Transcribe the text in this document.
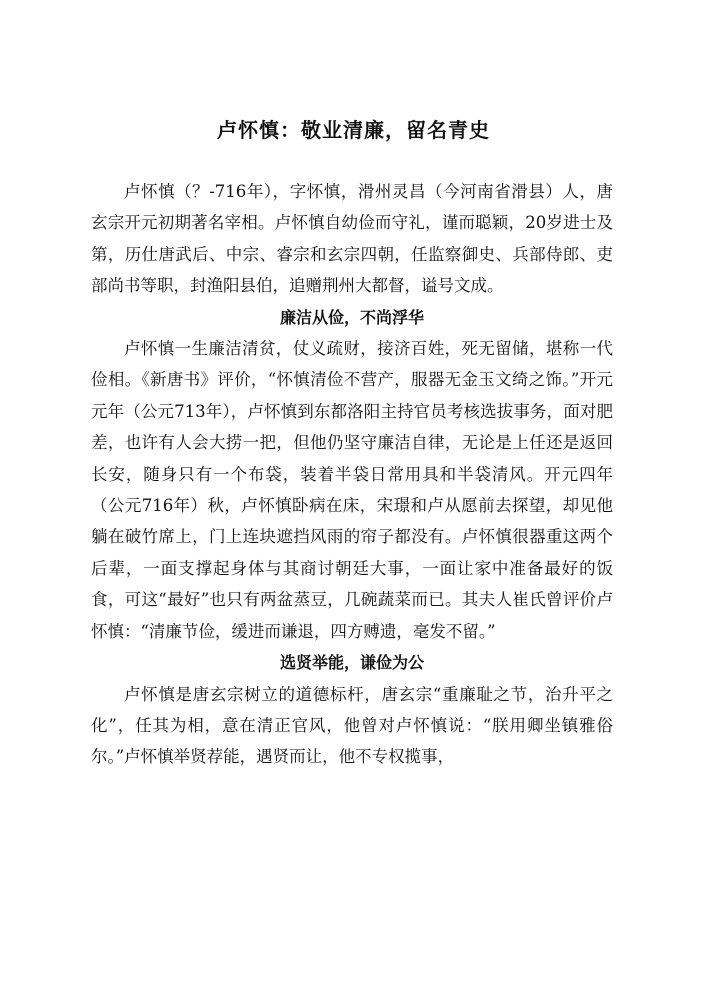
卢怀慎：敬业清廉，留名青史

卢怀慎（？-716年），字怀慎，滑州灵昌（今河南省滑县）人，唐玄宗开元初期著名宰相。卢怀慎自幼俭而守礼，谨而聪颖，20岁进士及第，历仕唐武后、中宗、睿宗和玄宗四朝，任监察御史、兵部侍郎、吏部尚书等职，封渔阳县伯，追赠荆州大都督，谥号文成。

廉洁从俭，不尚浮华

卢怀慎一生廉洁清贫，仗义疏财，接济百姓，死无留储，堪称一代俭相。《新唐书》评价，“怀慎清俭不营产，服器无金玉文绮之饰。”开元元年（公元713年），卢怀慎到东都洛阳主持官员考核选拔事务，面对肥差，也许有人会大捞一把，但他仍坚守廉洁自律，无论是上任还是返回长安，随身只有一个布袋，装着半袋日常用具和半袋清风。开元四年（公元716年）秋，卢怀慎卧病在床，宋璟和卢从愿前去探望，却见他躺在破竹席上，门上连块遮挡风雨的帘子都没有。卢怀慎很器重这两个后辈，一面支撑起身体与其商讨朝廷大事，一面让家中准备最好的饭食，可这“最好”也只有两盆蒸豆，几碗蔬菜而已。其夫人崔氏曾评价卢怀慎：“清廉节俭，缓进而谦退，四方赙遗，毫发不留。”

选贤举能，谦俭为公

卢怀慎是唐玄宗树立的道德标杆，唐玄宗“重廉耻之节，治升平之化”，任其为相，意在清正官风，他曾对卢怀慎说：“朕用卿坐镇雅俗尔。”卢怀慎举贤荐能，遇贤而让，他不专权揽事，
